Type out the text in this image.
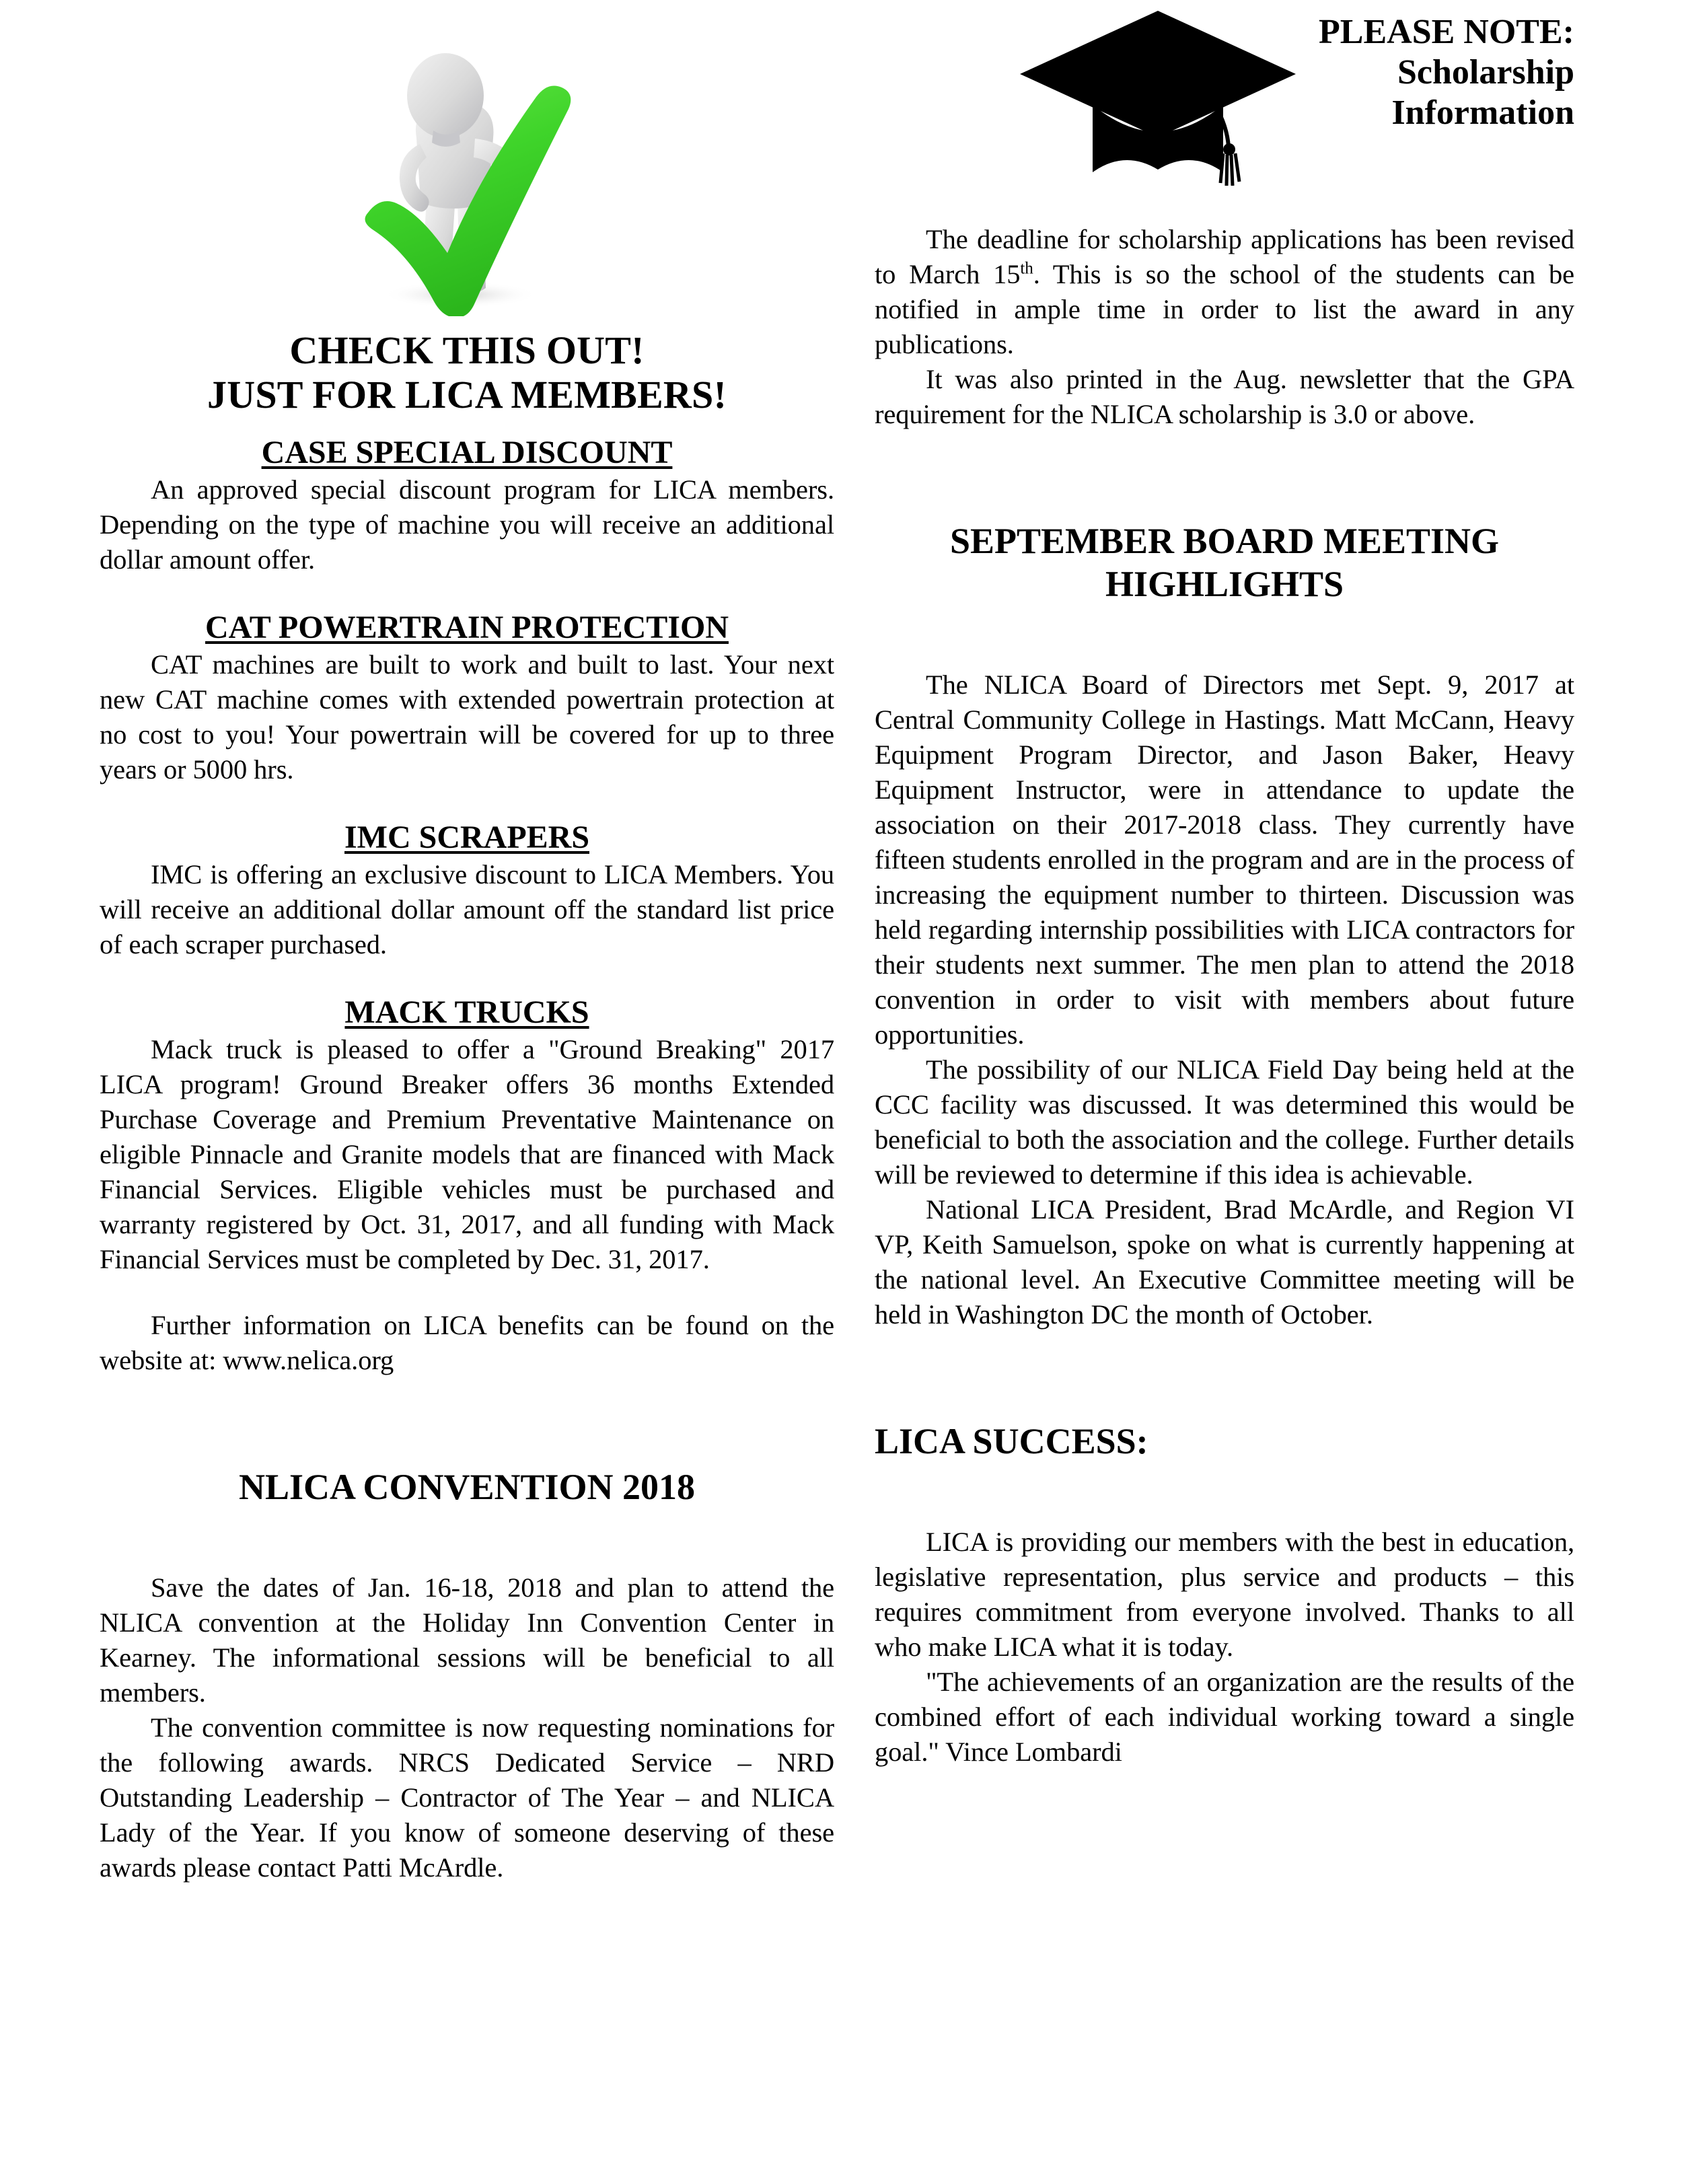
CHECK THIS OUT!
JUST FOR LICA MEMBERS!
CASE SPECIAL DISCOUNT

An approved special discount program for LICA members. Depending on the type of machine you will receive an additional dollar amount offer.

CAT POWERTRAIN PROTECTION

CAT machines are built to work and built to last. Your next new CAT machine comes with extended powertrain protection at no cost to you! Your powertrain will be covered for up to three years or 5000 hrs.

IMC SCRAPERS

IMC is offering an exclusive discount to LICA Members. You will receive an additional dollar amount off the standard list price of each scraper purchased.

MACK TRUCKS

Mack truck is pleased to offer a "Ground Breaking" 2017 LICA program! Ground Breaker offers 36 months Extended Purchase Coverage and Premium Preventative Maintenance on eligible Pinnacle and Granite models that are financed with Mack Financial Services. Eligible vehicles must be purchased and warranty registered by Oct. 31, 2017, and all funding with Mack Financial Services must be completed by Dec. 31, 2017.

Further information on LICA benefits can be found on the website at: www.nelica.org

NLICA CONVENTION 2018

Save the dates of Jan. 16-18, 2018 and plan to attend the NLICA convention at the Holiday Inn Convention Center in Kearney. The informational sessions will be beneficial to all members.

The convention committee is now requesting nominations for the following awards. NRCS Dedicated Service – NRD Outstanding Leadership – Contractor of The Year – and NLICA Lady of the Year. If you know of someone deserving of these awards please contact Patti McArdle.

PLEASE NOTE:
Scholarship
Information

The deadline for scholarship applications has been revised to March 15th. This is so the school of the students can be notified in ample time in order to list the award in any publications.

It was also printed in the Aug. newsletter that the GPA requirement for the NLICA scholarship is 3.0 or above.

SEPTEMBER BOARD MEETING
HIGHLIGHTS

The NLICA Board of Directors met Sept. 9, 2017 at Central Community College in Hastings. Matt McCann, Heavy Equipment Program Director, and Jason Baker, Heavy Equipment Instructor, were in attendance to update the association on their 2017-2018 class. They currently have fifteen students enrolled in the program and are in the process of increasing the equipment number to thirteen. Discussion was held regarding internship possibilities with LICA contractors for their students next summer. The men plan to attend the 2018 convention in order to visit with members about future opportunities.

The possibility of our NLICA Field Day being held at the CCC facility was discussed. It was determined this would be beneficial to both the association and the college. Further details will be reviewed to determine if this idea is achievable.

National LICA President, Brad McArdle, and Region VI VP, Keith Samuelson, spoke on what is currently happening at the national level. An Executive Committee meeting will be held in Washington DC the month of October.

LICA SUCCESS:

LICA is providing our members with the best in education, legislative representation, plus service and products – this requires commitment from everyone involved. Thanks to all who make LICA what it is today.

"The achievements of an organization are the results of the combined effort of each individual working toward a single goal." Vince Lombardi
